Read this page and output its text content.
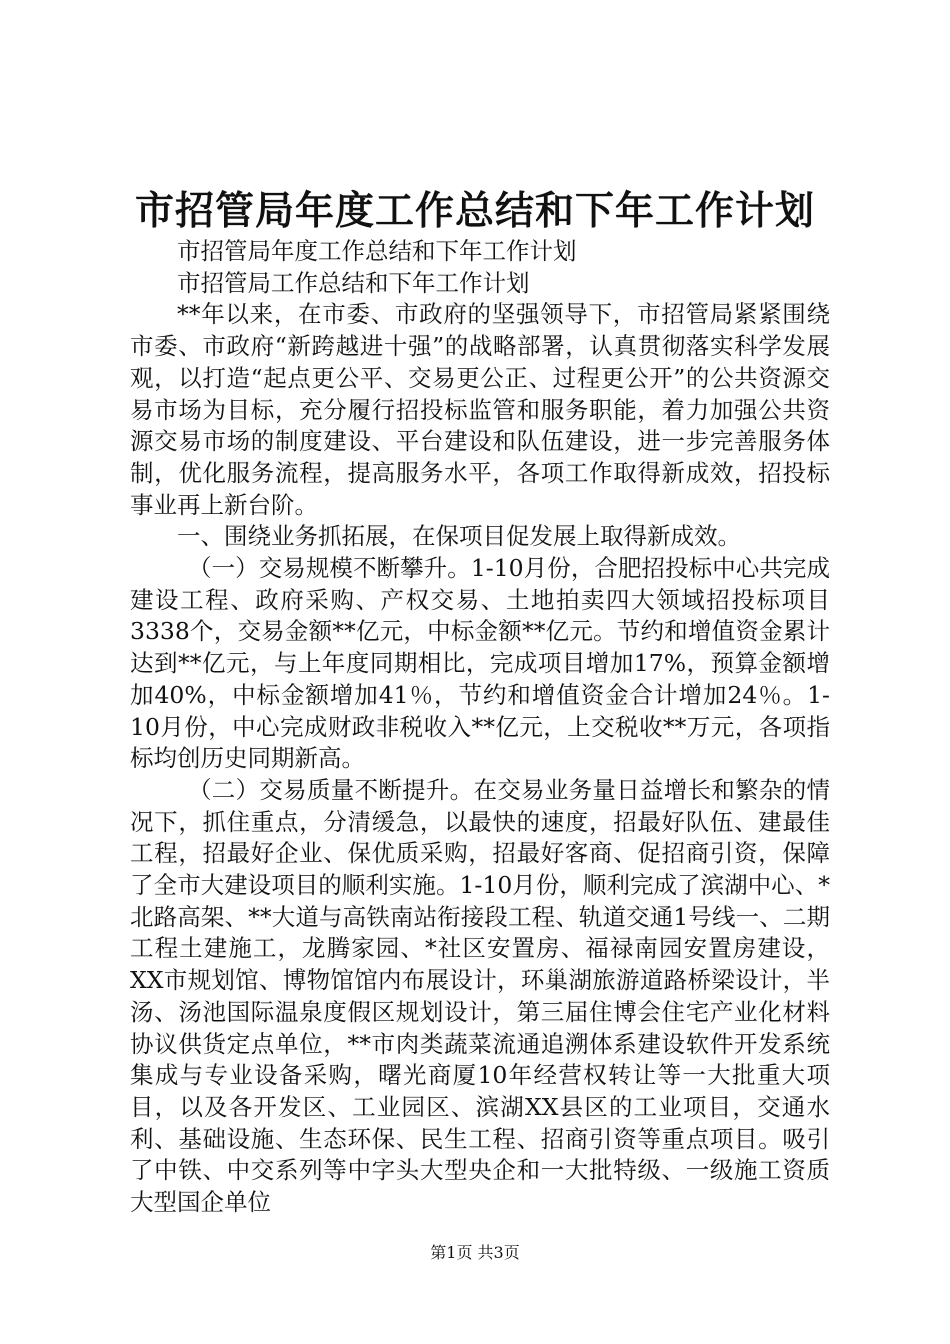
市招管局年度工作总结和下年工作计划

市招管局年度工作总结和下年工作计划

市招管局工作总结和下年工作计划

**年以来，在市委、市政府的坚强领导下，市招管局紧紧围绕市委、市政府“新跨越进十强”的战略部署，认真贯彻落实科学发展观，以打造“起点更公平、交易更公正、过程更公开”的公共资源交易市场为目标，充分履行招投标监管和服务职能，着力加强公共资源交易市场的制度建设、平台建设和队伍建设，进一步完善服务体制，优化服务流程，提高服务水平，各项工作取得新成效，招投标事业再上新台阶。

一、围绕业务抓拓展，在保项目促发展上取得新成效。

（一）交易规模不断攀升。1-10月份，合肥招投标中心共完成建设工程、政府采购、产权交易、土地拍卖四大领域招投标项目3338个，交易金额**亿元，中标金额**亿元。节约和增值资金累计达到**亿元，与上年度同期相比，完成项目增加17%，预算金额增加40%，中标金额增加41％，节约和增值资金合计增加24％。1-10月份，中心完成财政非税收入**亿元，上交税收**万元，各项指标均创历史同期新高。

（二）交易质量不断提升。在交易业务量日益增长和繁杂的情况下，抓住重点，分清缓急，以最快的速度，招最好队伍、建最佳工程，招最好企业、保优质采购，招最好客商、促招商引资，保障了全市大建设项目的顺利实施。1-10月份，顺利完成了滨湖中心、*北路高架、**大道与高铁南站衔接段工程、轨道交通1号线一、二期工程土建施工，龙腾家园、*社区安置房、福禄南园安置房建设，XX市规划馆、博物馆馆内布展设计，环巢湖旅游道路桥梁设计，半汤、汤池国际温泉度假区规划设计，第三届住博会住宅产业化材料协议供货定点单位，**市肉类蔬菜流通追溯体系建设软件开发系统集成与专业设备采购，曙光商厦10年经营权转让等一大批重大项目，以及各开发区、工业园区、滨湖XX县区的工业项目，交通水利、基础设施、生态环保、民生工程、招商引资等重点项目。吸引了中铁、中交系列等中字头大型央企和一大批特级、一级施工资质大型国企单位

第1页 共3页
